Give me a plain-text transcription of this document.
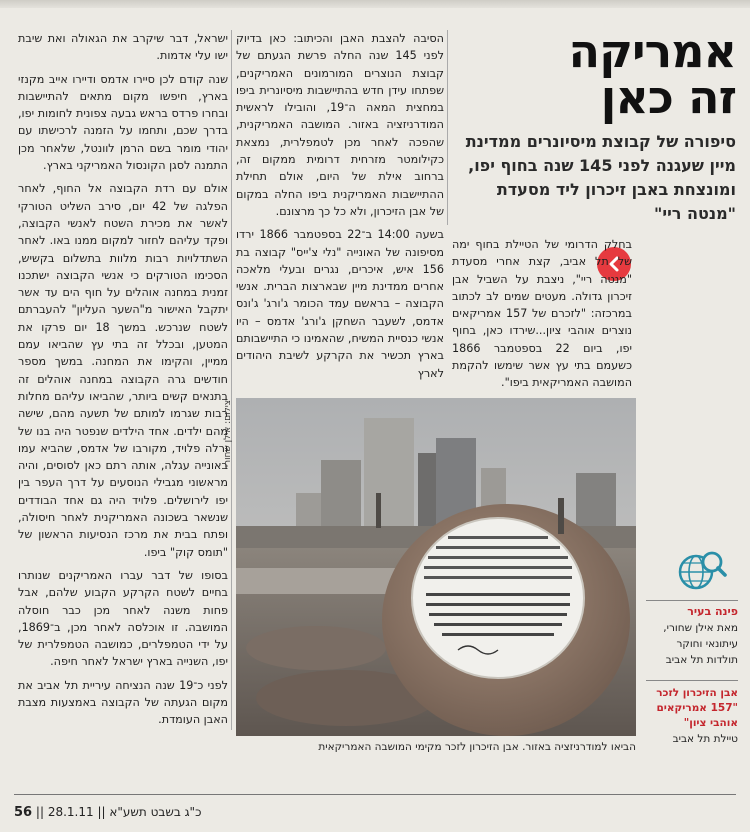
אמריקה
זה כאן
סיפורה של קבוצת מיסיונרים ממדינת מיין שעגנה לפני 145 שנה בחוף יפו, ומונצחת באבן זיכרון ליד מסעדת "מנטה ריי"

בחלק הדרומי של הטיילת בחוף ימה של תל אביב, קצת אחרי מסעדת "מנטה ריי", ניצבת על השביל אבן זיכרון גדולה. מעטים שמים לב לכתוב במרכזה: "לזכרם של 157 אמריקאים נוצרים אוהבי ציון...שירדו כאן, בחוף יפו, ביום 22 בספטמבר 1866 כשעמם בתי עץ אשר שימשו להקמת המושבה האמריקאית ביפו".

הסיבה להצבת האבן והכיתוב: כאן בדיוק לפני 145 שנה החלה פרשת הגעתם של קבוצת הנוצרים המורמונים האמריקנים, שפתחו עידן חדש בהתיישבות מיסיונרית ביפו במחצית המאה ה־19, והובילו לראשית המודרניזציה באזור. המושבה האמריקנית, שהפכה לאחר מכן לטמפלרית, נמצאת כקילומטר מזרחית דרומית ממקום זה, ברחוב אילת של היום, אולם תחילת ההתיישבות האמריקנית ביפו החלה במקום של אבן הזיכרון, ולא כל כך מרצונם.

בשעה 14:00 ב־22 בספטמבר 1866 ירדו מסיפונה של האונייה "נלי צ'ייס" קבוצה בת 156 איש, איכרים, נגרים ובעלי מלאכה אחרים ממדינת מיין שבארצות הברית. אנשי הקבוצה – בראשם עמד הכומר ג'ורג' ג'ונס אדמס, לשעבר השחקן ג'ורג' אדמס – היו אנשי כנסיית המשיח, שהאמינו כי התיישבותם בארץ תכשיר את הקרקע לשיבת היהודים לארץ

ישראל, דבר שיקרב את הגאולה ואת שיבת ישו עלי אדמות.

שנה קודם לכן סיירו אדמס ודיירו אייב מקנזי בארץ, חיפשו מקום מתאים להתיישבות ובחרו פרדס בראש גבעה צפונית לחומות יפו, בדרך שכם, ותחמו על הזמנה לרכישתו עם יהודי מומר בשם הרמן לוונטל, שלאחר מכן התמנה לסגן הקונסול האמריקני בארץ.

אולם עם רדת הקבוצה אל החוף, לאחר הפלגה של 42 יום, סירב השליט הטורקי לאשר את מכירת השטח לאנשי הקבוצה, ופקד עליהם לחזור למקום ממנו באו. לאחר השתדלויות רבות מלוות בתשלום בקשיש, הסכימו הטורקים כי אנשי הקבוצה ישתכנו זמנית במחנה אוהלים על חוף הים עד אשר יתקבל האישור מ"השער העליון" להעברתם לשטח שנרכש. במשך 18 יום פרקו את המטען, ובכלל זה בתי עץ שהביאו עמם ממיין, והקימו את המחנה. במשך מספר חודשים גרה הקבוצה במחנה אוהלים זה בתנאים קשים ביותר, שהביאו עליהם מחלות רבות שגרמו למותם של תשעה מהם, שישה מהם ילדים. אחד הילדים שנפטר היה בנו של ורלה פלויד, מקורבו של אדמס, שהביא עמו באונייה עגלה, אותה רתם כאן לסוסים, והיה מראשוני מגבילי הנוסעים על דרך העפר בין יפו לירושלים. פלויד היה גם אחד הבודדים שנשאר בשכונה האמריקנית לאחר חיסולה, ופתח בבית את מרכז הנסיעות הראשון של "תומס קוק" ביפו.

בסופו של דבר עברו האמריקנים שנותרו בחיים לשטח הקרקע הקבוע שלהם, אבל פחות משנה לאחר מכן כבר חוסלה המושבה. זו אוכלסה לאחר מכן, ב־1869, על ידי הטמפלרים, כמושבה הטמפלרית של יפו, השנייה בארץ ישראל לאחר חיפה.

לפני כ־19 שנה הנציחה עיריית תל אביב את מקום הגעתה של הקבוצה באמצעות מצבת האבן העומדת.

צילום: אילן שחורי
הביאו למודרניזציה באזור. אבן הזיכרון לזכר מקימי המושבה האמריקאית
פינה בעיר
מאת אילן שחורי, עיתונאי וחוקר תולדות תל אביב
אבן הזיכרון לזכר "157 אמריקאים אוהבי ציון"
טיילת תל אביב
56 || 28.1.11 || כ"ג בשבט תשע"א
